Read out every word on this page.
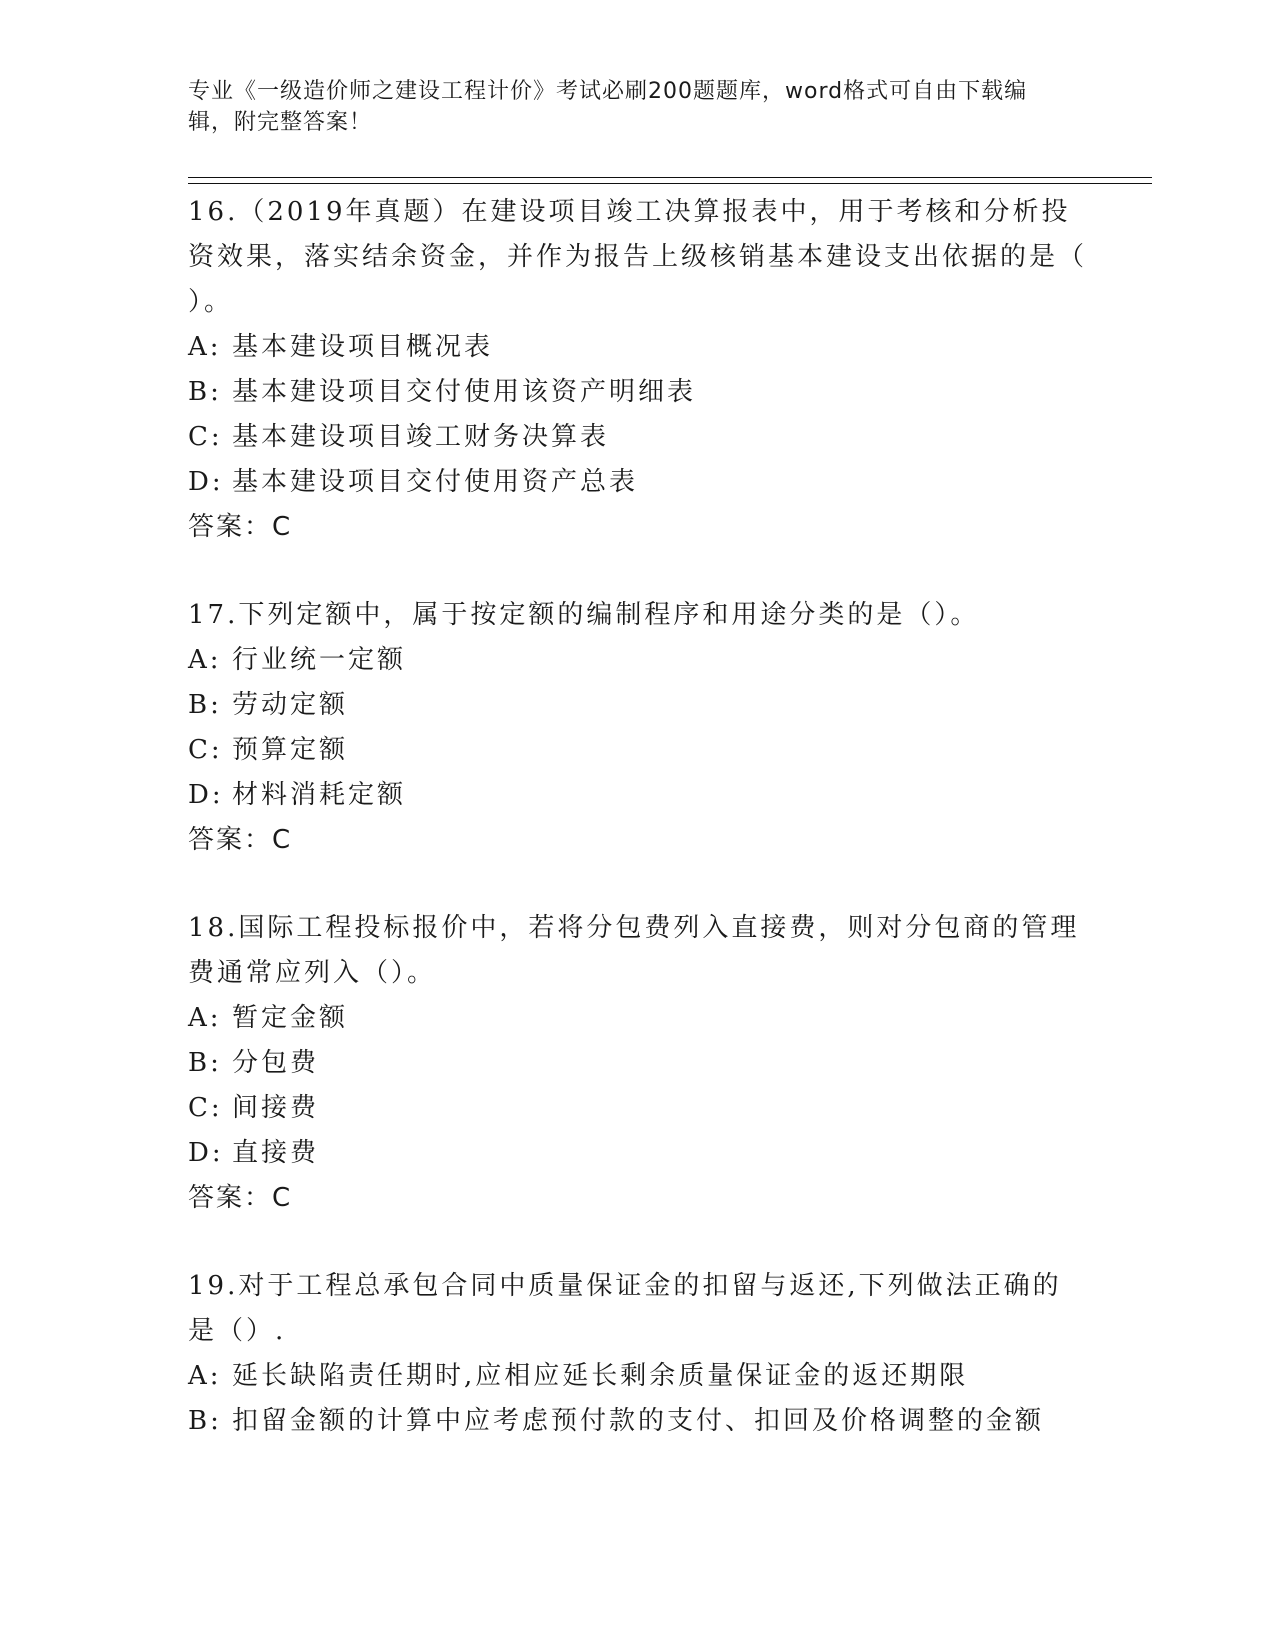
专业《一级造价师之建设工程计价》考试必刷200题题库，word格式可自由下载编辑，附完整答案！

16.（2019年真题）在建设项目竣工决算报表中，用于考核和分析投资效果，落实结余资金，并作为报告上级核销基本建设支出依据的是（ ）。

A: 基本建设项目概况表
B: 基本建设项目交付使用该资产明细表
C: 基本建设项目竣工财务决算表
D: 基本建设项目交付使用资产总表
答案：C

17.下列定额中，属于按定额的编制程序和用途分类的是（）。

A: 行业统一定额
B: 劳动定额
C: 预算定额
D: 材料消耗定额
答案：C

18.国际工程投标报价中，若将分包费列入直接费，则对分包商的管理费通常应列入（）。

A: 暂定金额
B: 分包费
C: 间接费
D: 直接费
答案：C

19.对于工程总承包合同中质量保证金的扣留与返还,下列做法正确的是（）.

A: 延长缺陷责任期时,应相应延长剩余质量保证金的返还期限
B: 扣留金额的计算中应考虑预付款的支付、扣回及价格调整的金额
